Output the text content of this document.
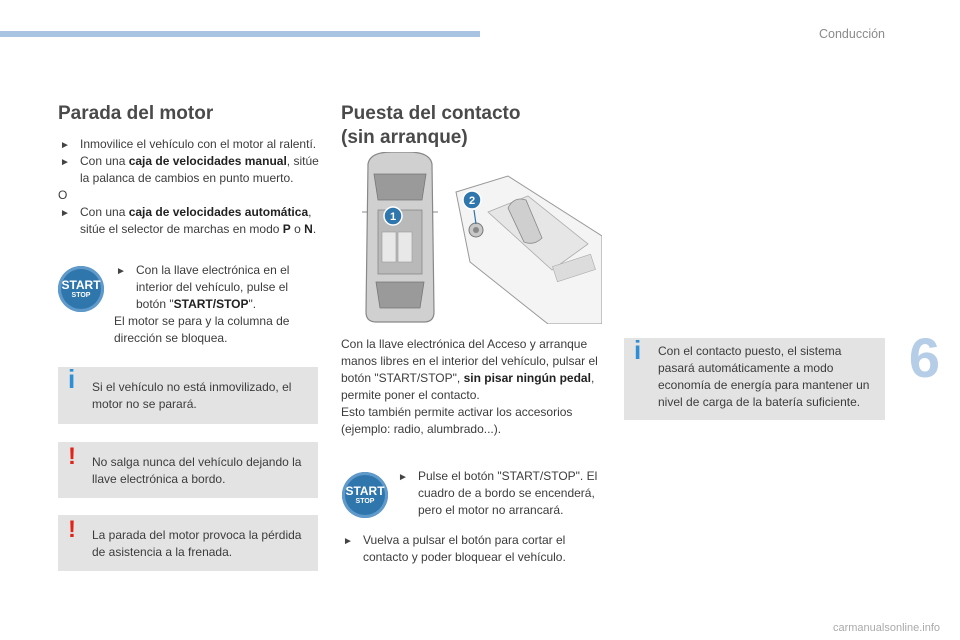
Conducción
6
Parada del motor
► Inmovilice el vehículo con el motor al ralentí.
► Con una caja de velocidades manual, sitúe la palanca de cambios en punto muerto.
O
► Con una caja de velocidades automática, sitúe el selector de marchas en modo P o N.
START
STOP
► Con la llave electrónica en el interior del vehículo, pulse el botón "START/STOP".
El motor se para y la columna de dirección se bloquea.
i Si el vehículo no está inmovilizado, el motor no se parará.
! No salga nunca del vehículo dejando la llave electrónica a bordo.
! La parada del motor provoca la pérdida de asistencia a la frenada.
Puesta del contacto
(sin arranque)
1
2
Con la llave electrónica del Acceso y arranque manos libres en el interior del vehículo, pulsar el botón "START/STOP", sin pisar ningún pedal, permite poner el contacto.
Esto también permite activar los accesorios (ejemplo: radio, alumbrado...).
START
STOP
► Pulse el botón "START/STOP". El cuadro de a bordo se encenderá, pero el motor no arrancará.
► Vuelva a pulsar el botón para cortar el contacto y poder bloquear el vehículo.
i Con el contacto puesto, el sistema pasará automáticamente a modo economía de energía para mantener un nivel de carga de la batería suficiente.
carmanualsonline.info
